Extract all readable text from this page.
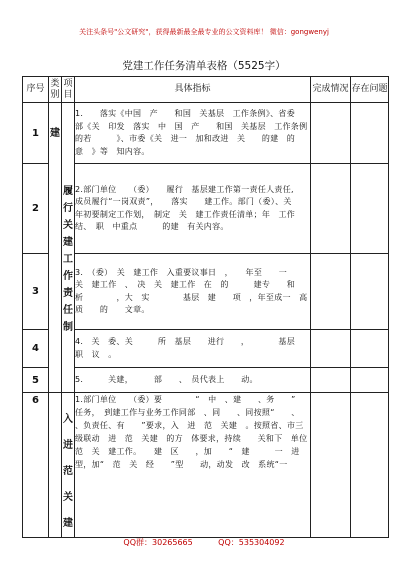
关注头条号"公文研究"，获得最新最全最专业的公文资料库！ 微信：gongwenyj
党建工作任务清单表格（5525字）
序号	类别	项目	具体指标	完成情况	存在问题
1	建	履行关建工作责任制	1.　　落实《中国　产　　和国　关基层　工作条例》、省委　部《关　印发　落实　中　国　产　　和国　关基层　工作条例　的若　　　》、市委《关　进一　加和改进　关　　的建　的意　》等　知内容。		
2			2.部门单位　　（委）　　履行　基层建工作第一责任人责任,　　　成员履行“一岗双责”，　　落实　　建工作。部门（委）、关　　年初要制定工作划，　制定　关　建工作责任清单；年　工作　结、　职　中重点　　　的建　有关内容。		
3			3.　（委）　关　建工作　入重要议事日　，　　年至　　一　　关　建工作　、　决　关　建工作　在　的　　　建专　　和　析　　　　，大　实　　　　基层　建　　项　，年至成一　高质　　的　　文章。		
4			4.　关　委、关　　　所　基层　　进行　　，　　　　基层　　　　　职　议　。		
5			5.　　　关建，　　　部　　、　员代表上　　动。		
6		入进范关建	1.部门单位　　（委）要　　　　“　中　、建　　、务　　”　　任务，　到建工作与业务工作同部　、同　　、同按照“　　、　　、负责任、有　　”要求，入　进　范　关建　。按照省、市三级联动　进　范　关建　的方　体要求，持续　　关和下　单位　范　关　建工作。　　建　区　　，加　　“　建　　　一　进型，加“　范　关　经　　”型　　动，动发　改　系统“一		
QQ群：30265665	QQ：535304092
